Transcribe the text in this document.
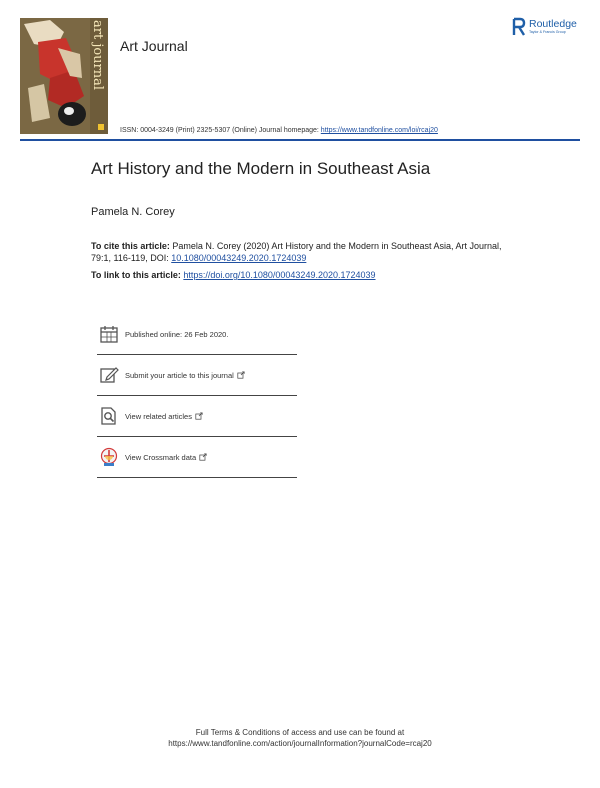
art journal Art Journal
Routledge
Taylor & Francis Group
ISSN: 0004-3249 (Print) 2325-5307 (Online) Journal homepage: https://www.tandfonline.com/loi/rcaj20
Art History and the Modern in Southeast Asia
Pamela N. Corey
To cite this article: Pamela N. Corey (2020) Art History and the Modern in Southeast Asia, Art Journal, 79:1, 116-119, DOI: 10.1080/00043249.2020.1724039
To link to this article: https://doi.org/10.1080/00043249.2020.1724039
Published online: 26 Feb 2020.
Submit your article to this journal
View related articles
View Crossmark data
Full Terms & Conditions of access and use can be found at
https://www.tandfonline.com/action/journalInformation?journalCode=rcaj20
